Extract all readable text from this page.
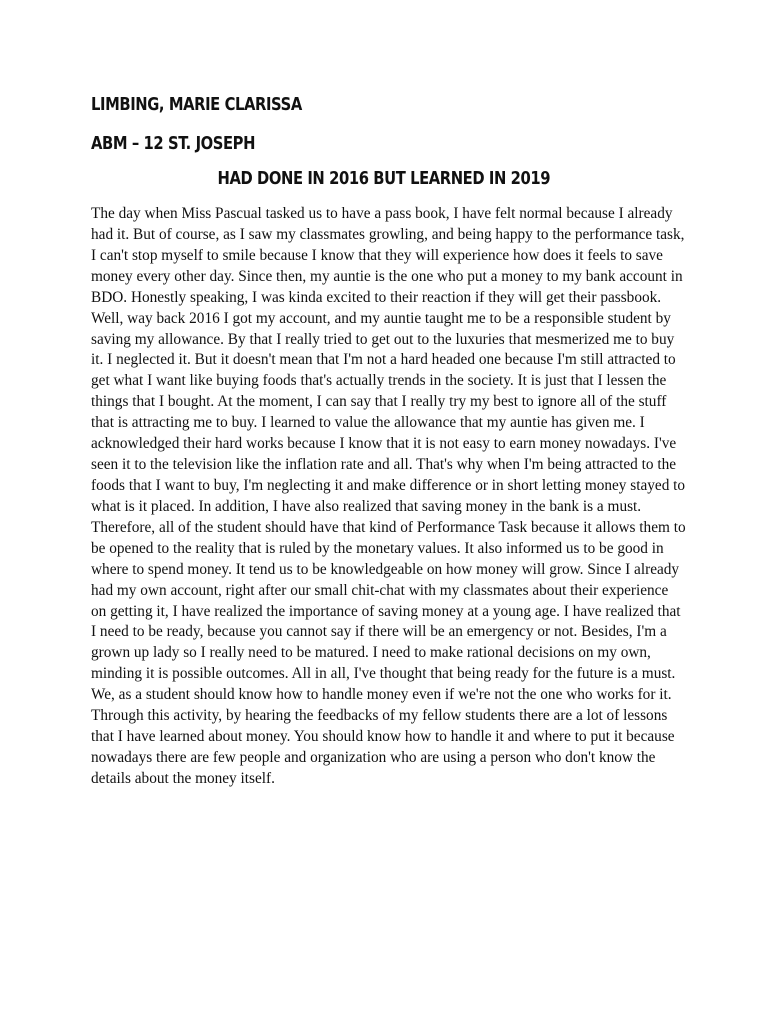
LIMBING, MARIE CLARISSA
ABM – 12 ST. JOSEPH
HAD DONE IN 2016 BUT LEARNED IN 2019

The day when Miss Pascual tasked us to have a pass book, I have felt normal because I already had it. But of course, as I saw my classmates growling, and being happy to the performance task, I can't stop myself to smile because I know that they will experience how does it feels to save money every other day. Since then, my auntie is the one who put a money to my bank account in BDO. Honestly speaking, I was kinda excited to their reaction if they will get their passbook. Well, way back 2016 I got my account, and my auntie taught me to be a responsible student by saving my allowance. By that I really tried to get out to the luxuries that mesmerized me to buy it. I neglected it. But it doesn't mean that I'm not a hard headed one because I'm still attracted to get what I want like buying foods that's actually trends in the society. It is just that I lessen the things that I bought. At the moment, I can say that I really try my best to ignore all of the stuff that is attracting me to buy. I learned to value the allowance that my auntie has given me. I acknowledged their hard works because I know that it is not easy to earn money nowadays. I've seen it to the television like the inflation rate and all. That's why when I'm being attracted to the foods that I want to buy, I'm neglecting it and make difference or in short letting money stayed to what is it placed. In addition, I have also realized that saving money in the bank is a must. Therefore, all of the student should have that kind of Performance Task because it allows them to be opened to the reality that is ruled by the monetary values. It also informed us to be good in where to spend money. It tend us to be knowledgeable on how money will grow. Since I already had my own account, right after our small chit-chat with my classmates about their experience on getting it, I have realized the importance of saving money at a young age. I have realized that I need to be ready, because you cannot say if there will be an emergency or not. Besides, I'm a grown up lady so I really need to be matured. I need to make rational decisions on my own, minding it is possible outcomes. All in all, I've thought that being ready for the future is a must. We, as a student should know how to handle money even if we're not the one who works for it. Through this activity, by hearing the feedbacks of my fellow students there are a lot of lessons that I have learned about money. You should know how to handle it and where to put it because nowadays there are few people and organization who are using a person who don't know the details about the money itself.
